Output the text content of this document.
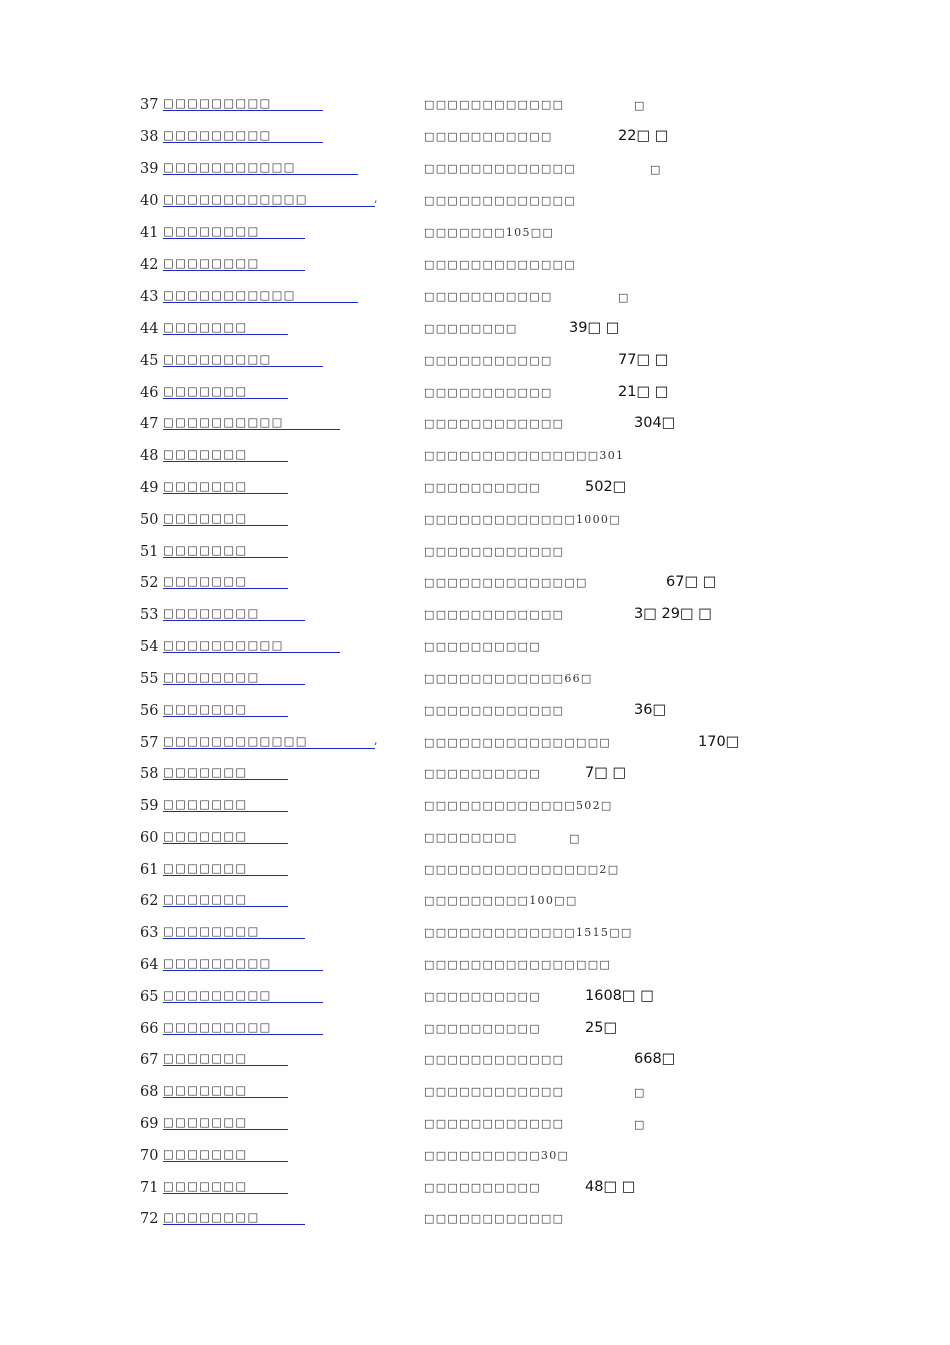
37 □□□□□□□□□	□□□□□□□□□□□□	□
38 □□□□□□□□□	□□□□□□□□□□□	22□ □
39 □□□□□□□□□□□	□□□□□□□□□□□□□	□
40 □□□□□□□□□□□□	,	□□□□□□□□□□□□□
41 □□□□□□□□	□□□□□□□105□□
42 □□□□□□□□	□□□□□□□□□□□□□
43 □□□□□□□□□□□	□□□□□□□□□□□	□
44 □□□□□□□	□□□□□□□□	39□ □
45 □□□□□□□□□	□□□□□□□□□□□	77□ □
46 □□□□□□□	□□□□□□□□□□□	21□ □
47 □□□□□□□□□□	□□□□□□□□□□□□	304□
48 □□□□□□□	□□□□□□□□□□□□□□□301
49 □□□□□□□	□□□□□□□□□□	502□
50 □□□□□□□	□□□□□□□□□□□□□1000□
51 □□□□□□□	□□□□□□□□□□□□
52 □□□□□□□	□□□□□□□□□□□□□□	67□ □
53 □□□□□□□□	□□□□□□□□□□□□	3□ 29□ □
54 □□□□□□□□□□	□□□□□□□□□□
55 □□□□□□□□	□□□□□□□□□□□□66□
56 □□□□□□□	□□□□□□□□□□□□	36□
57 □□□□□□□□□□□□	,	□□□□□□□□□□□□□□□□	170□
58 □□□□□□□	□□□□□□□□□□	7□ □
59 □□□□□□□	□□□□□□□□□□□□□502□
60 □□□□□□□	□□□□□□□□	□
61 □□□□□□□	□□□□□□□□□□□□□□□2□
62 □□□□□□□	□□□□□□□□□100□□
63 □□□□□□□□	□□□□□□□□□□□□□1515□□
64 □□□□□□□□□	□□□□□□□□□□□□□□□□
65 □□□□□□□□□	□□□□□□□□□□	1608□ □
66 □□□□□□□□□	□□□□□□□□□□	25□
67 □□□□□□□	□□□□□□□□□□□□	668□
68 □□□□□□□	□□□□□□□□□□□□	□
69 □□□□□□□	□□□□□□□□□□□□	□
70 □□□□□□□	□□□□□□□□□□30□
71 □□□□□□□	□□□□□□□□□□	48□ □
72 □□□□□□□□	□□□□□□□□□□□□
